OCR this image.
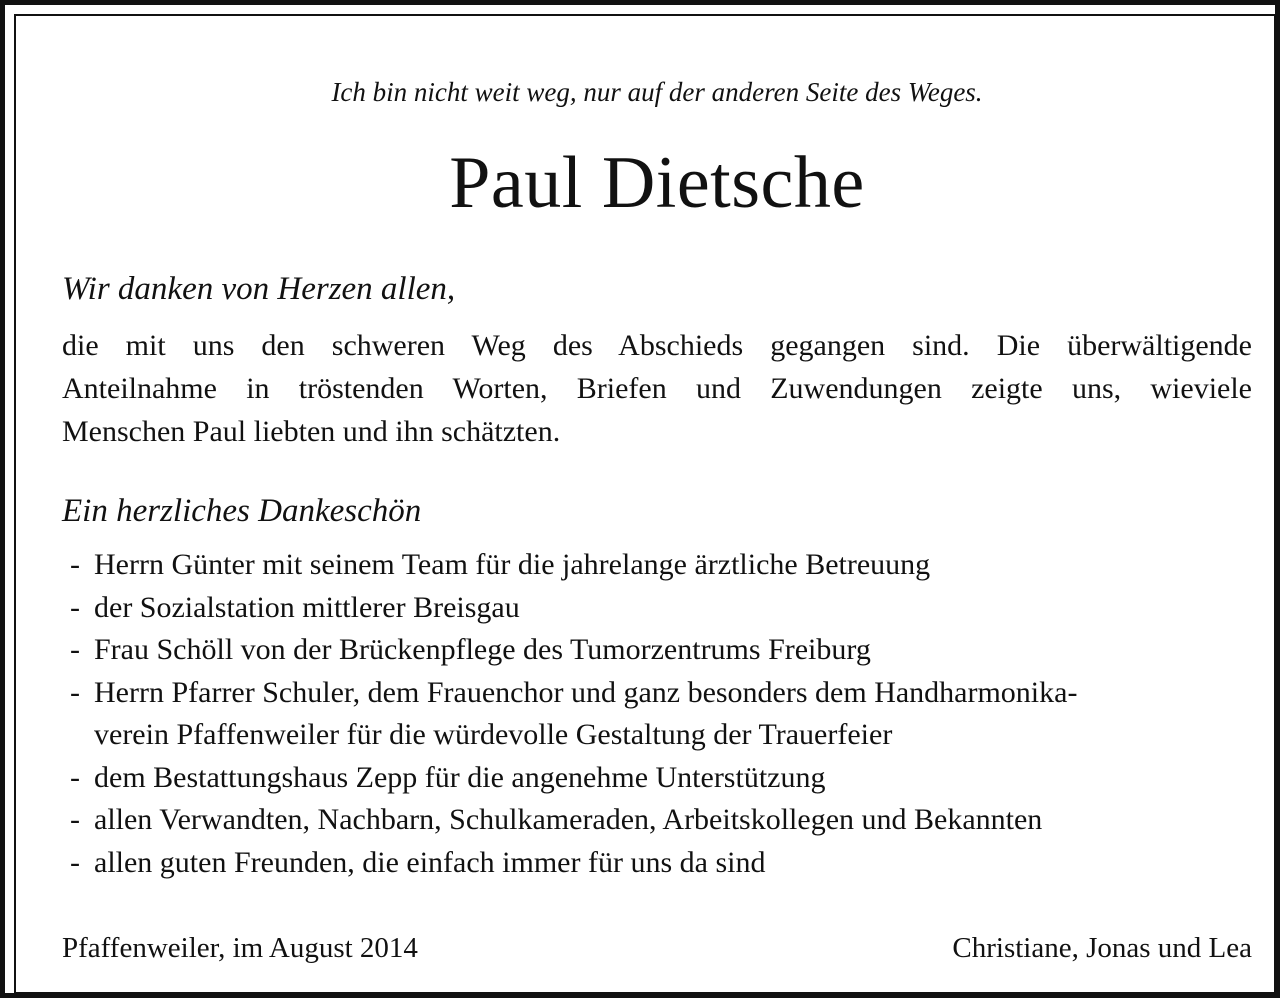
Ich bin nicht weit weg, nur auf der anderen Seite des Weges.
Paul Dietsche
Wir danken von Herzen allen,
die mit uns den schweren Weg des Abschieds gegangen sind. Die überwältigende
Anteilnahme in tröstenden Worten, Briefen und Zuwendungen zeigte uns, wieviele
Menschen Paul liebten und ihn schätzten.
Ein herzliches Dankeschön
- Herrn Günter mit seinem Team für die jahrelange ärztliche Betreuung
- der Sozialstation mittlerer Breisgau
- Frau Schöll von der Brückenpflege des Tumorzentrums Freiburg
- Herrn Pfarrer Schuler, dem Frauenchor und ganz besonders dem Handharmonika-
verein Pfaffenweiler für die würdevolle Gestaltung der Trauerfeier
- dem Bestattungshaus Zepp für die angenehme Unterstützung
- allen Verwandten, Nachbarn, Schulkameraden, Arbeitskollegen und Bekannten
- allen guten Freunden, die einfach immer für uns da sind
Pfaffenweiler, im August 2014	Christiane, Jonas und Lea
